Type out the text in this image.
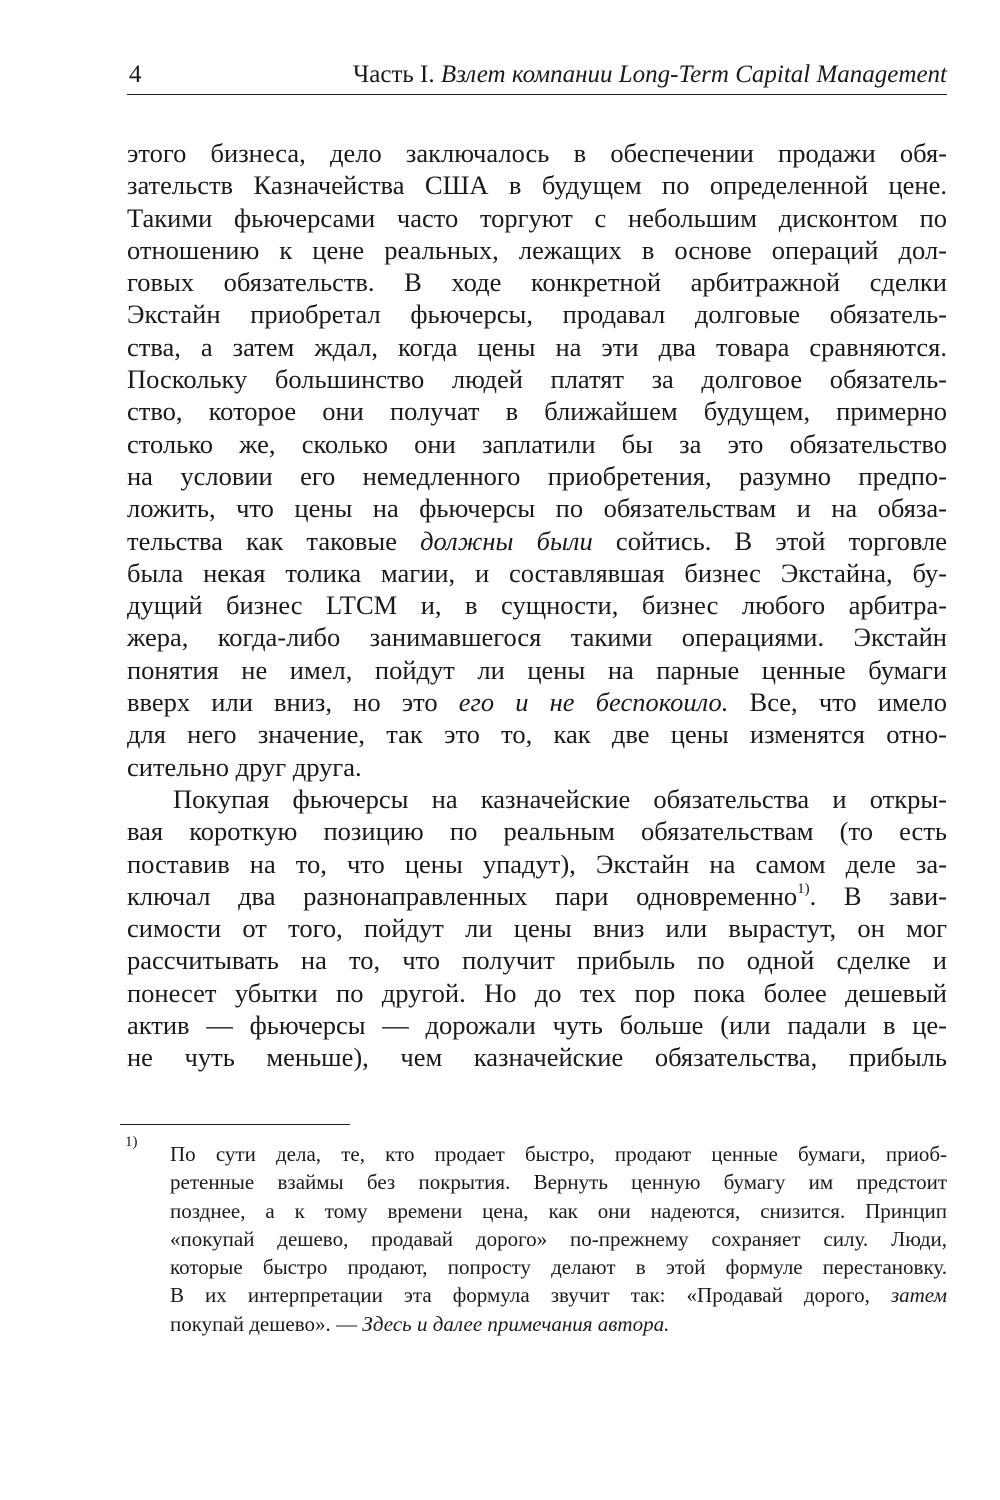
4	Часть I. Взлет компании Long-Term Capital Management
этого бизнеса, дело заключалось в обеспечении продажи обя-
зательств Казначейства США в будущем по определенной цене.
Такими фьючерсами часто торгуют с небольшим дисконтом по
отношению к цене реальных, лежащих в основе операций дол-
говых обязательств. В ходе конкретной арбитражной сделки
Экстайн приобретал фьючерсы, продавал долговые обязатель-
ства, а затем ждал, когда цены на эти два товара сравняются.
Поскольку большинство людей платят за долговое обязатель-
ство, которое они получат в ближайшем будущем, примерно
столько же, сколько они заплатили бы за это обязательство
на условии его немедленного приобретения, разумно предпо-
ложить, что цены на фьючерсы по обязательствам и на обяза-
тельства как таковые должны были сойтись. В этой торговле
была некая толика магии, и составлявшая бизнес Экстайна, бу-
дущий бизнес LTCM и, в сущности, бизнес любого арбитра-
жера, когда-либо занимавшегося такими операциями. Экстайн
понятия не имел, пойдут ли цены на парные ценные бумаги
вверх или вниз, но это его и не беспокоило. Все, что имело
для него значение, так это то, как две цены изменятся отно-
сительно друг друга.
Покупая фьючерсы на казначейские обязательства и откры-
вая короткую позицию по реальным обязательствам (то есть
поставив на то, что цены упадут), Экстайн на самом деле за-
ключал два разнонаправленных пари одновременно$^{1)}$. В зави-
симости от того, пойдут ли цены вниз или вырастут, он мог
рассчитывать на то, что получит прибыль по одной сделке и
понесет убытки по другой. Но до тех пор пока более дешевый
актив — фьючерсы — дорожали чуть больше (или падали в це-
не чуть меньше), чем казначейские обязательства, прибыль
1) По сути дела, те, кто продает быстро, продают ценные бумаги, приоб-
ретенные взаймы без покрытия. Вернуть ценную бумагу им предстоит
позднее, а к тому времени цена, как они надеются, снизится. Принцип
«покупай дешево, продавай дорого» по-прежнему сохраняет силу. Люди,
которые быстро продают, попросту делают в этой формуле перестановку.
В их интерпретации эта формула звучит так: «Продавай дорого, затем
покупай дешево». — Здесь и далее примечания автора.
